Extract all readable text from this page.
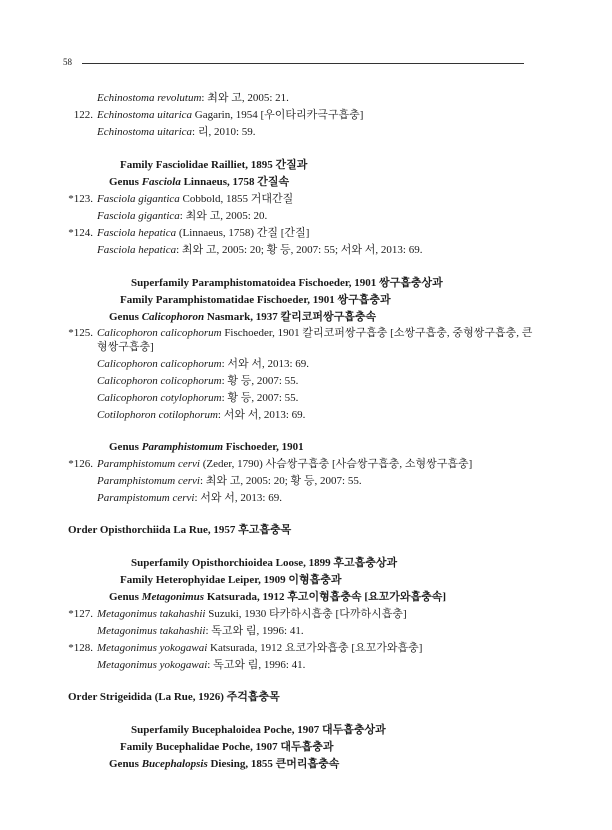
58
Echinostoma revolutum: 최와 고, 2005: 21.
122. Echinostoma uitarica Gagarin, 1954 [우이타리카극구흡충]
Echinostoma uitarica: 리, 2010: 59.
Family Fasciolidae Railliet, 1895 간질과
Genus Fasciola Linnaeus, 1758 간질속
*123. Fasciola gigantica Cobbold, 1855 거대간질
Fasciola gigantica: 최와 고, 2005: 20.
*124. Fasciola hepatica (Linnaeus, 1758) 간질 [간질]
Fasciola hepatica: 최와 고, 2005: 20; 황 등, 2007: 55; 서와 서, 2013: 69.
Superfamily Paramphistomatoidea Fischoeder, 1901 쌍구흡충상과
Family Paramphistomatidae Fischoeder, 1901 쌍구흡충과
Genus Calicophoron Nasmark, 1937 칼리코퍼쌍구흡충속
*125. Calicophoron calicophorum Fischoeder, 1901 칼리코퍼쌍구흡충 [소쌍구흡충, 중형쌍구흡충, 큰
형쌍구흡충]
Calicophoron calicophorum: 서와 서, 2013: 69.
Calicophoron colicophorum: 황 등, 2007: 55.
Calicophoron cotylophorum: 황 등, 2007: 55.
Cotilophoron cotilophorum: 서와 서, 2013: 69.
Genus Paramphistomum Fischoeder, 1901
*126. Paramphistomum cervi (Zeder, 1790) 사슴쌍구흡충 [사슴쌍구흡충, 소형쌍구흡충]
Paramphistomum cervi: 최와 고, 2005: 20; 황 등, 2007: 55.
Parampistomum cervi: 서와 서, 2013: 69.
Order Opisthorchiida La Rue, 1957 후고흡충목
Superfamily Opisthorchioidea Loose, 1899 후고흡충상과
Family Heterophyidae Leiper, 1909 이형흡충과
Genus Metagonimus Katsurada, 1912 후고이형흡충속 [요꼬가와흡충속]
*127. Metagonimus takahashii Suzuki, 1930 타카하시흡충 [다까하시흡충]
Metagonimus takahashii: 독고와 림, 1996: 41.
*128. Metagonimus yokogawai Katsurada, 1912 요코가와흡충 [요꼬가와흡충]
Metagonimus yokogawai: 독고와 림, 1996: 41.
Order Strigeidida (La Rue, 1926) 주걱흡충목
Superfamily Bucephaloidea Poche, 1907 대두흡충상과
Family Bucephalidae Poche, 1907 대두흡충과
Genus Bucephalopsis Diesing, 1855 큰머리흡충속
